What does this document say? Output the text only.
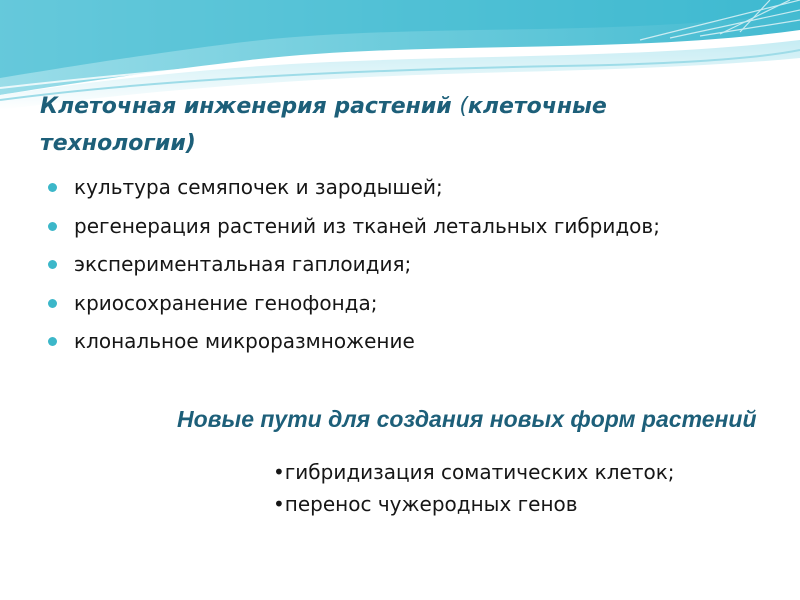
Клеточная инженерия растений (клеточные технологии)
культура семяпочек и зародышей;
регенерация растений из тканей летальных гибридов;
экспериментальная гаплоидия;
криосохранение генофонда;
клональное микроразмножение
Новые пути для создания новых форм растений
•гибридизация соматических клеток;
•перенос чужеродных генов
